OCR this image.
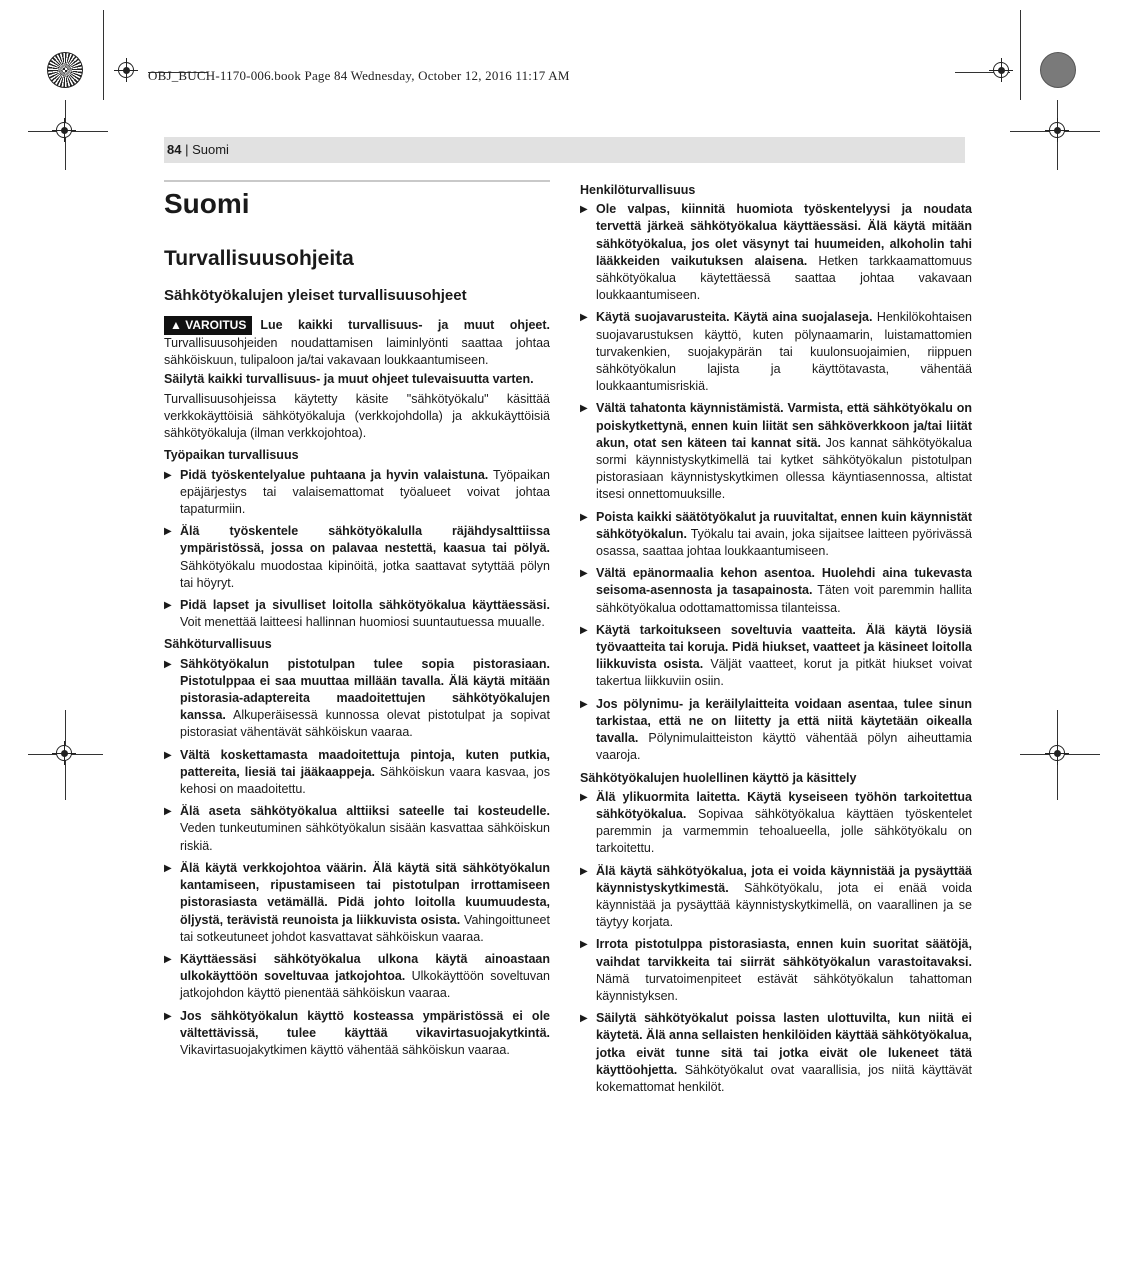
OBJ_BUCH-1170-006.book Page 84 Wednesday, October 12, 2016 11:17 AM
84 | Suomi
Suomi
Turvallisuusohjeita
Sähkötyökalujen yleiset turvallisuusohjeet

▲ VAROITUS Lue kaikki turvallisuus- ja muut ohjeet. Turvallisuusohjeiden noudattamisen laiminlyönti saattaa johtaa sähköiskuun, tulipaloon ja/tai vakavaan loukkaantumiseen.

Säilytä kaikki turvallisuus- ja muut ohjeet tulevaisuutta varten.

Turvallisuusohjeissa käytetty käsite "sähkötyökalu" käsittää verkkokäyttöisiä sähkötyökaluja (verkkojohdolla) ja akkukäyttöisiä sähkötyökaluja (ilman verkkojohtoa).

Työpaikan turvallisuus
▶ Pidä työskentelyalue puhtaana ja hyvin valaistuna. Työpaikan epäjärjestys tai valaisemattomat työalueet voivat johtaa tapaturmiin.
▶ Älä työskentele sähkötyökalulla räjähdysalttiissa ympäristössä, jossa on palavaa nestettä, kaasua tai pölyä. Sähkötyökalu muodostaa kipinöitä, jotka saattavat sytyttää pölyn tai höyryt.
▶ Pidä lapset ja sivulliset loitolla sähkötyökalua käyttäessäsi. Voit menettää laitteesi hallinnan huomiosi suuntautuessa muualle.
Sähköturvallisuus
▶ Sähkötyökalun pistotulpan tulee sopia pistorasiaan. Pistotulppaa ei saa muuttaa millään tavalla. Älä käytä mitään pistorasia-adaptereita maadoitettujen sähkötyökalujen kanssa. Alkuperäisessä kunnossa olevat pistotulpat ja sopivat pistorasiat vähentävät sähköiskun vaaraa.
▶ Vältä koskettamasta maadoitettuja pintoja, kuten putkia, pattereita, liesiä tai jääkaappeja. Sähköiskun vaara kasvaa, jos kehosi on maadoitettu.
▶ Älä aseta sähkötyökalua alttiiksi sateelle tai kosteudelle. Veden tunkeutuminen sähkötyökalun sisään kasvattaa sähköiskun riskiä.
▶ Älä käytä verkkojohtoa väärin. Älä käytä sitä sähkötyökalun kantamiseen, ripustamiseen tai pistotulpan irrottamiseen pistorasiasta vetämällä. Pidä johto loitolla kuumuudesta, öljystä, terävistä reunoista ja liikkuvista osista. Vahingoittuneet tai sotkeutuneet johdot kasvattavat sähköiskun vaaraa.
▶ Käyttäessäsi sähkötyökalua ulkona käytä ainoastaan ulkokäyttöön soveltuvaa jatkojohtoa. Ulkokäyttöön soveltuvan jatkojohdon käyttö pienentää sähköiskun vaaraa.
▶ Jos sähkötyökalun käyttö kosteassa ympäristössä ei ole vältettävissä, tulee käyttää vikavirtasuojakytkintä. Vikavirtasuojakytkimen käyttö vähentää sähköiskun vaaraa.
Henkilöturvallisuus
▶ Ole valpas, kiinnitä huomiota työskentelyysi ja noudata tervettä järkeä sähkötyökalua käyttäessäsi. Älä käytä mitään sähkötyökalua, jos olet väsynyt tai huumeiden, alkoholin tahi lääkkeiden vaikutuksen alaisena. Hetken tarkkaamattomuus sähkötyökalua käytettäessä saattaa johtaa vakavaan loukkaantumiseen.
▶ Käytä suojavarusteita. Käytä aina suojalaseja. Henkilökohtaisen suojavarustuksen käyttö, kuten pölynaamarin, luistamattomien turvakenkien, suojakypärän tai kuulonsuojaimien, riippuen sähkötyökalun lajista ja käyttötavasta, vähentää loukkaantumisriskiä.
▶ Vältä tahatonta käynnistämistä. Varmista, että sähkötyökalu on poiskytkettynä, ennen kuin liität sen sähköverkkoon ja/tai liität akun, otat sen käteen tai kannat sitä. Jos kannat sähkötyökalua sormi käynnistyskytkimellä tai kytket sähkötyökalun pistotulpan pistorasiaan käynnistyskytkimen ollessa käyntiasennossa, altistat itsesi onnettomuuksille.
▶ Poista kaikki säätötyökalut ja ruuvitaltat, ennen kuin käynnistät sähkötyökalun. Työkalu tai avain, joka sijaitsee laitteen pyörivässä osassa, saattaa johtaa loukkaantumiseen.
▶ Vältä epänormaalia kehon asentoa. Huolehdi aina tukevasta seisoma-asennosta ja tasapainosta. Täten voit paremmin hallita sähkötyökalua odottamattomissa tilanteissa.
▶ Käytä tarkoitukseen soveltuvia vaatteita. Älä käytä löysiä työvaatteita tai koruja. Pidä hiukset, vaatteet ja käsineet loitolla liikkuvista osista. Väljät vaatteet, korut ja pitkät hiukset voivat takertua liikkuviin osiin.
▶ Jos pölynimu- ja keräilylaitteita voidaan asentaa, tulee sinun tarkistaa, että ne on liitetty ja että niitä käytetään oikealla tavalla. Pölynimulaitteiston käyttö vähentää pölyn aiheuttamia vaaroja.
Sähkötyökalujen huolellinen käyttö ja käsittely
▶ Älä ylikuormita laitetta. Käytä kyseiseen työhön tarkoitettua sähkötyökalua. Sopivaa sähkötyökalua käyttäen työskentelet paremmin ja varmemmin tehoalueella, jolle sähkötyökalu on tarkoitettu.
▶ Älä käytä sähkötyökalua, jota ei voida käynnistää ja pysäyttää käynnistyskytkimestä. Sähkötyökalu, jota ei enää voida käynnistää ja pysäyttää käynnistyskytkimellä, on vaarallinen ja se täytyy korjata.
▶ Irrota pistotulppa pistorasiasta, ennen kuin suoritat säätöjä, vaihdat tarvikkeita tai siirrät sähkötyökalun varastoitavaksi. Nämä turvatoimenpiteet estävät sähkötyökalun tahattoman käynnistyksen.
▶ Säilytä sähkötyökalut poissa lasten ulottuvilta, kun niitä ei käytetä. Älä anna sellaisten henkilöiden käyttää sähkötyökalua, jotka eivät tunne sitä tai jotka eivät ole lukeneet tätä käyttöohjetta. Sähkötyökalut ovat vaarallisia, jos niitä käyttävät kokemattomat henkilöt.
